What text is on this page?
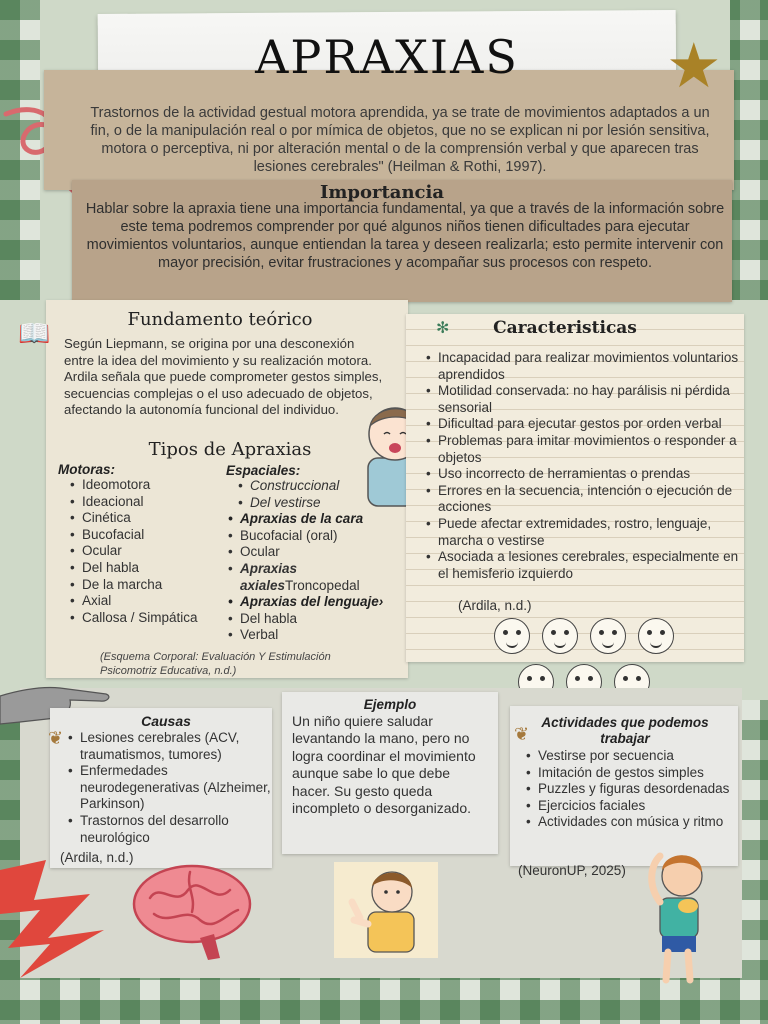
APRAXIAS	★
Trastornos de la actividad gestual motora aprendida, ya se trate de movimientos adaptados a un fin, o de la manipulación real o por mímica de objetos, que no se explican ni por lesión sensitiva, motora o perceptiva, ni por alteración mental o de la comprensión verbal y que aparecen tras lesiones cerebrales" (Heilman & Rothi, 1997).
Importancia
Hablar sobre la apraxia tiene una importancia fundamental, ya que a través de la información sobre este tema podremos comprender por qué algunos niños tienen dificultades para ejecutar movimientos voluntarios, aunque entiendan la tarea y deseen realizarla; esto permite intervenir con mayor precisión, evitar frustraciones y acompañar sus procesos con respeto.
📖	Fundamento teórico
Según Liepmann, se origina por una desconexión entre la idea del movimiento y su realización motora. Ardila señala que puede comprometer gestos simples, secuencias complejas o el uso adecuado de objetos, afectando la autonomía funcional del individuo.
Tipos de Apraxias
Motoras:
• Ideomotora
• Ideacional
• Cinética
• Bucofacial
• Ocular
• Del habla
• De la marcha
• Axial
• Callosa / Simpática
Espaciales:
• Construccional
• Del vestirse
• Apraxias de la cara
• Bucofacial (oral)
• Ocular
• Apraxias axialesTroncopedal
• Apraxias del lenguaje›
• Del habla
• Verbal
(Esquema Corporal: Evaluación Y Estimulación Psicomotriz Educativa, n.d.)
✻	Caracteristicas
• Incapacidad para realizar movimientos voluntarios aprendidos
• Motilidad conservada: no hay parálisis ni pérdida sensorial
• Dificultad para ejecutar gestos por orden verbal
• Problemas para imitar movimientos o responder a objetos
• Uso incorrecto de herramientas o prendas
• Errores en la secuencia, intención o ejecución de acciones
• Puede afectar extremidades, rostro, lenguaje, marcha o vestirse
• Asociada a lesiones cerebrales, especialmente en el hemisferio izquierdo
(Ardila, n.d.)
❦
Causas
• Lesiones cerebrales (ACV, traumatismos, tumores)
• Enfermedades neurodegenerativas (Alzheimer, Parkinson)
• Trastornos del desarrollo neurológico
(Ardila, n.d.)
Ejemplo
Un niño quiere saludar levantando la mano, pero no logra coordinar el movimiento aunque sabe lo que debe hacer. Su gesto queda incompleto o desorganizado.
❦
Actividades que podemos trabajar
• Vestirse por secuencia
• Imitación de gestos simples
• Puzzles y figuras desordenadas
• Ejercicios faciales
• Actividades con música y ritmo
(NeuronUP, 2025)
